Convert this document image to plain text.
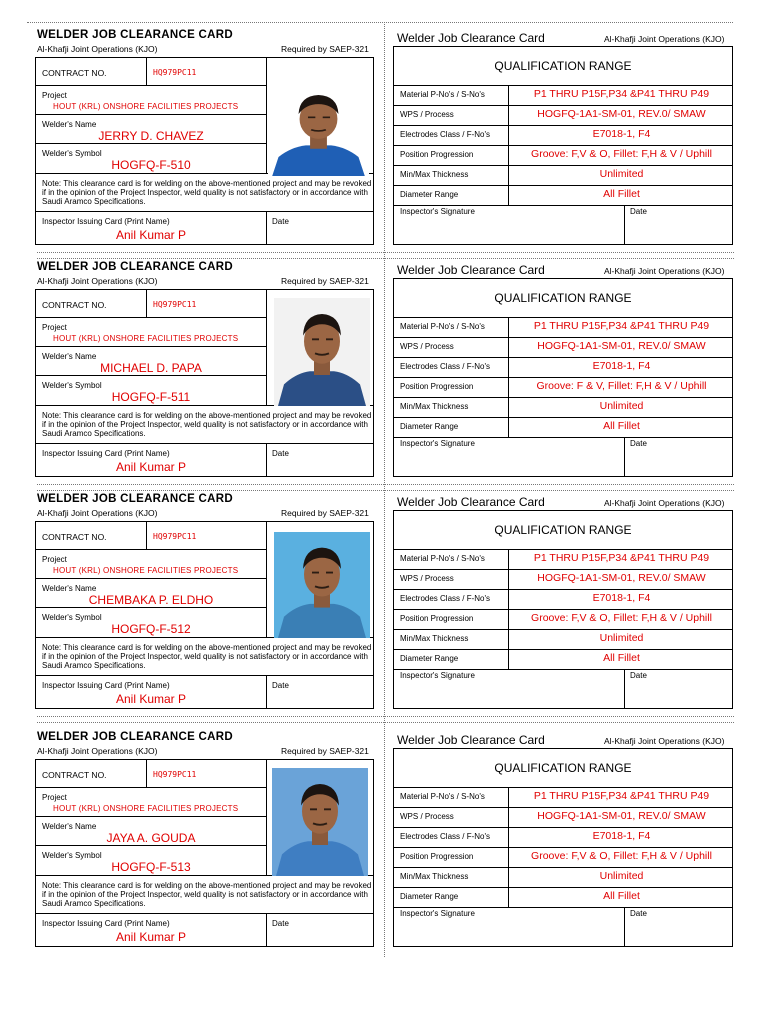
WELDER JOB CLEARANCE CARD
Al-Khafji Joint Operations (KJO)	Required by SAEP-321
CONTRACT NO.	HQ979PC11
Project
HOUT (KRL) ONSHORE FACILITIES PROJECTS
Welder's Name
JERRY D. CHAVEZ
Welder's Symbol
HOGFQ-F-510
Note: This clearance card is for welding on the above-mentioned project and may be revoked if in the opinion of the Project Inspector, weld quality is not satisfactory or in accordance with Saudi Aramco Specifications.
Inspector Issuing Card (Print Name)
Anil Kumar P
Date
Welder Job Clearance Card	Al-Khafji Joint Operations (KJO)
QUALIFICATION RANGE
Material P-No's / S-No's	P1 THRU P15F,P34 &P41 THRU P49
WPS / Process	HOGFQ-1A1-SM-01, REV.0/ SMAW
Electrodes Class / F-No's	E7018-1, F4
Position Progression	Groove: F,V & O, Fillet: F,H & V / Uphill
Min/Max Thickness	Unlimited
Diameter Range	All Fillet
Inspector's Signature	Date
WELDER JOB CLEARANCE CARD
Al-Khafji Joint Operations (KJO)	Required by SAEP-321
CONTRACT NO.	HQ979PC11
Project
HOUT (KRL) ONSHORE FACILITIES PROJECTS
Welder's Name
MICHAEL D. PAPA
Welder's Symbol
HOGFQ-F-511
Note: This clearance card is for welding on the above-mentioned project and may be revoked if in the opinion of the Project Inspector, weld quality is not satisfactory or in accordance with Saudi Aramco Specifications.
Inspector Issuing Card (Print Name)
Anil Kumar P
Date
Welder Job Clearance Card	Al-Khafji Joint Operations (KJO)
QUALIFICATION RANGE
Material P-No's / S-No's	P1 THRU P15F,P34 &P41 THRU P49
WPS / Process	HOGFQ-1A1-SM-01, REV.0/ SMAW
Electrodes Class / F-No's	E7018-1, F4
Position Progression	Groove: F & V, Fillet: F,H & V / Uphill
Min/Max Thickness	Unlimited
Diameter Range	All Fillet
Inspector's Signature	Date
WELDER JOB CLEARANCE CARD
Al-Khafji Joint Operations (KJO)	Required by SAEP-321
CONTRACT NO.	HQ979PC11
Project
HOUT (KRL) ONSHORE FACILITIES PROJECTS
Welder's Name
CHEMBAKA P. ELDHO
Welder's Symbol
HOGFQ-F-512
Note: This clearance card is for welding on the above-mentioned project and may be revoked if in the opinion of the Project Inspector, weld quality is not satisfactory or in accordance with Saudi Aramco Specifications.
Inspector Issuing Card (Print Name)
Anil Kumar P
Date
Welder Job Clearance Card	Al-Khafji Joint Operations (KJO)
QUALIFICATION RANGE
Material P-No's / S-No's	P1 THRU P15F,P34 &P41 THRU P49
WPS / Process	HOGFQ-1A1-SM-01, REV.0/ SMAW
Electrodes Class / F-No's	E7018-1, F4
Position Progression	Groove: F,V & O, Fillet: F,H & V / Uphill
Min/Max Thickness	Unlimited
Diameter Range	All Fillet
Inspector's Signature	Date
WELDER JOB CLEARANCE CARD
Al-Khafji Joint Operations (KJO)	Required by SAEP-321
CONTRACT NO.	HQ979PC11
Project
HOUT (KRL) ONSHORE FACILITIES PROJECTS
Welder's Name
JAYA A. GOUDA
Welder's Symbol
HOGFQ-F-513
Note: This clearance card is for welding on the above-mentioned project and may be revoked if in the opinion of the Project Inspector, weld quality is not satisfactory or in accordance with Saudi Aramco Specifications.
Inspector Issuing Card (Print Name)
Anil Kumar P
Date
Welder Job Clearance Card	Al-Khafji Joint Operations (KJO)
QUALIFICATION RANGE
Material P-No's / S-No's	P1 THRU P15F,P34 &P41 THRU P49
WPS / Process	HOGFQ-1A1-SM-01, REV.0/ SMAW
Electrodes Class / F-No's	E7018-1, F4
Position Progression	Groove: F,V & O, Fillet: F,H & V / Uphill
Min/Max Thickness	Unlimited
Diameter Range	All Fillet
Inspector's Signature	Date
